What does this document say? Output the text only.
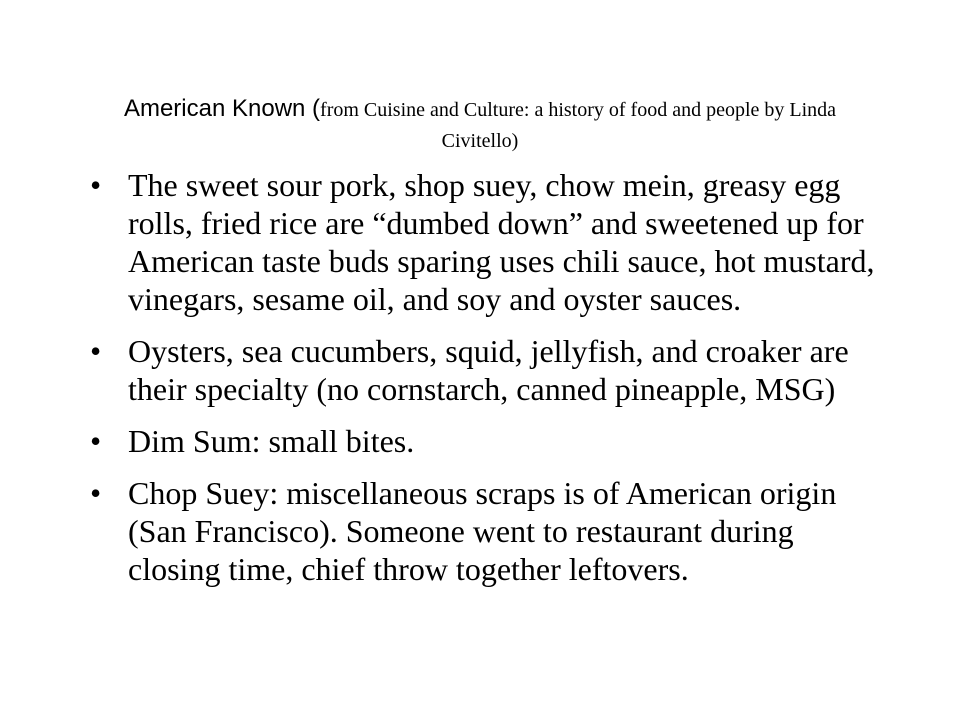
American Known (from Cuisine and Culture: a history of food and people by Linda Civitello)
• The sweet sour pork, shop suey, chow mein, greasy egg rolls, fried rice are “dumbed down” and sweetened up for American taste buds sparing uses chili sauce, hot mustard, vinegars, sesame oil, and soy and oyster sauces.
• Oysters, sea cucumbers, squid, jellyfish, and croaker are their specialty (no cornstarch, canned pineapple, MSG)
• Dim Sum: small bites.
• Chop Suey: miscellaneous scraps is of American origin (San Francisco). Someone went to restaurant during closing time, chief throw together leftovers.
